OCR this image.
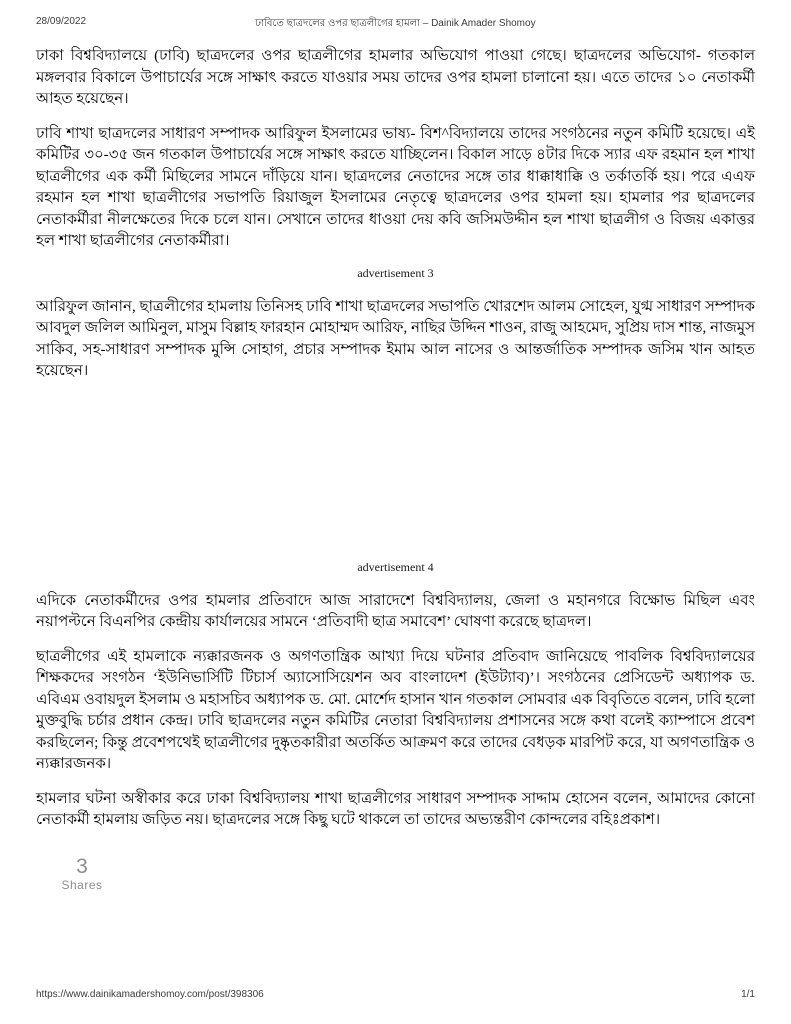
28/09/2022	ঢাবিতে ছাত্রদলের ওপর ছাত্রলীগের হামলা – Dainik Amader Shomoy

ঢাকা বিশ্ববিদ্যালয়ে (ঢাবি) ছাত্রদলের ওপর ছাত্রলীগের হামলার অভিযোগ পাওয়া গেছে। ছাত্রদলের অভিযোগ- গতকাল মঙ্গলবার বিকালে উপাচার্যের সঙ্গে সাক্ষাৎ করতে যাওয়ার সময় তাদের ওপর হামলা চালানো হয়। এতে তাদের ১০ নেতাকর্মী আহত হয়েছেন।

ঢাবি শাখা ছাত্রদলের সাধারণ সম্পাদক আরিফুল ইসলামের ভাষ্য- বিশ^বিদ্যালয়ে তাদের সংগঠনের নতুন কমিটি হয়েছে। এই কমিটির ৩০-৩৫ জন গতকাল উপাচার্যের সঙ্গে সাক্ষাৎ করতে যাচ্ছিলেন। বিকাল সাড়ে ৪টার দিকে স্যার এফ রহমান হল শাখা ছাত্রলীগের এক কর্মী মিছিলের সামনে দাঁড়িয়ে যান। ছাত্রদলের নেতাদের সঙ্গে তার ধাক্কাধাক্কি ও তর্কাতর্কি হয়। পরে এএফ রহমান হল শাখা ছাত্রলীগের সভাপতি রিয়াজুল ইসলামের নেতৃত্বে ছাত্রদলের ওপর হামলা হয়। হামলার পর ছাত্রদলের নেতাকর্মীরা নীলক্ষেতের দিকে চলে যান। সেখানে তাদের ধাওয়া দেয় কবি জসিমউদ্দীন হল শাখা ছাত্রলীগ ও বিজয় একাত্তর হল শাখা ছাত্রলীগের নেতাকর্মীরা।

advertisement 3

আরিফুল জানান, ছাত্রলীগের হামলায় তিনিসহ ঢাবি শাখা ছাত্রদলের সভাপতি খোরশেদ আলম সোহেল, যুগ্ম সাধারণ সম্পাদক আবদুল জলিল আমিনুল, মাসুম বিল্লাহ ফারহান মোহাম্মদ আরিফ, নাছির উদ্দিন শাওন, রাজু আহমেদ, সুপ্রিয় দাস শান্ত, নাজমুস সাকিব, সহ-সাধারণ সম্পাদক মুন্সি সোহাগ, প্রচার সম্পাদক ইমাম আল নাসের ও আন্তর্জাতিক সম্পাদক জসিম খান আহত হয়েছেন।

advertisement 4

এদিকে নেতাকর্মীদের ওপর হামলার প্রতিবাদে আজ সারাদেশে বিশ্ববিদ্যালয়, জেলা ও মহানগরে বিক্ষোভ মিছিল এবং নয়াপল্টনে বিএনপির কেন্দ্রীয় কার্যালয়ের সামনে ‘প্রতিবাদী ছাত্র সমাবেশ’ ঘোষণা করেছে ছাত্রদল।

ছাত্রলীগের এই হামলাকে ন্যক্কারজনক ও অগণতান্ত্রিক আখ্যা দিয়ে ঘটনার প্রতিবাদ জানিয়েছে পাবলিক বিশ্ববিদ্যালয়ের শিক্ষকদের সংগঠন ‘ইউনিভার্সিটি টিচার্স অ্যাসোসিয়েশন অব বাংলাদেশ (ইউট্যাব)’। সংগঠনের প্রেসিডেন্ট অধ্যাপক ড. এবিএম ওবায়দুল ইসলাম ও মহাসচিব অধ্যাপক ড. মো. মোর্শেদ হাসান খান গতকাল সোমবার এক বিবৃতিতে বলেন, ঢাবি হলো মুক্তবুদ্ধি চর্চার প্রধান কেন্দ্র। ঢাবি ছাত্রদলের নতুন কমিটির নেতারা বিশ্ববিদ্যালয় প্রশাসনের সঙ্গে কথা বলেই ক্যাম্পাসে প্রবেশ করছিলেন; কিন্তু প্রবেশপথেই ছাত্রলীগের দুষ্কৃতকারীরা অতর্কিত আক্রমণ করে তাদের বেধড়ক মারপিট করে, যা অগণতান্ত্রিক ও ন্যক্কারজনক।

হামলার ঘটনা অস্বীকার করে ঢাকা বিশ্ববিদ্যালয় শাখা ছাত্রলীগের সাধারণ সম্পাদক সাদ্দাম হোসেন বলেন, আমাদের কোনো নেতাকর্মী হামলায় জড়িত নয়। ছাত্রদলের সঙ্গে কিছু ঘটে থাকলে তা তাদের অভ্যন্তরীণ কোন্দলের বহিঃপ্রকাশ।

3
Shares
https://www.dainikamadershomoy.com/post/398306	1/1
